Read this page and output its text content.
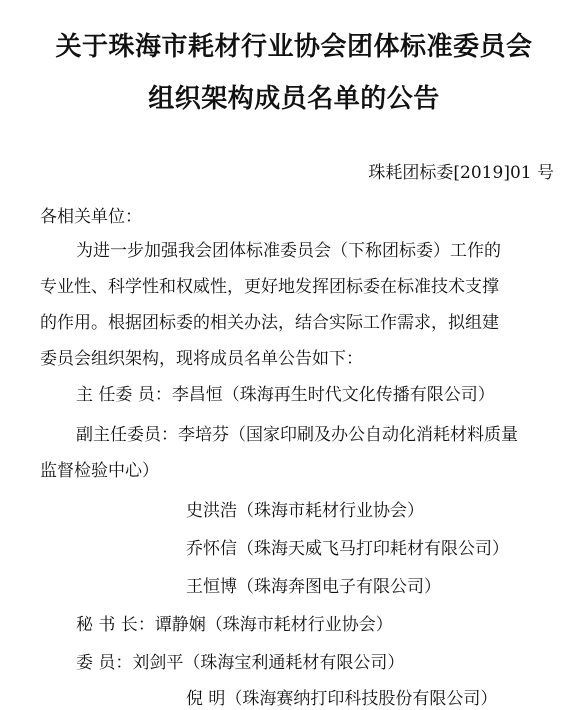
关于珠海市耗材行业协会团体标准委员会
组织架构成员名单的公告
珠耗团标委[2019]01 号
各相关单位：
为进一步加强我会团体标准委员会（下称团标委）工作的
专业性、科学性和权威性，更好地发挥团标委在标准技术支撑
的作用。根据团标委的相关办法，结合实际工作需求，拟组建
委员会组织架构，现将成员名单公告如下：
主 任委 员：李昌恒（珠海再生时代文化传播有限公司）
副主任委员：李培芬（国家印刷及办公自动化消耗材料质量
监督检验中心）
史洪浩（珠海市耗材行业协会）
乔怀信（珠海天威飞马打印耗材有限公司）
王恒博（珠海奔图电子有限公司）
秘 书 长：谭静娴（珠海市耗材行业协会）
委 员：刘剑平（珠海宝利通耗材有限公司）
倪 明（珠海赛纳打印科技股份有限公司）
